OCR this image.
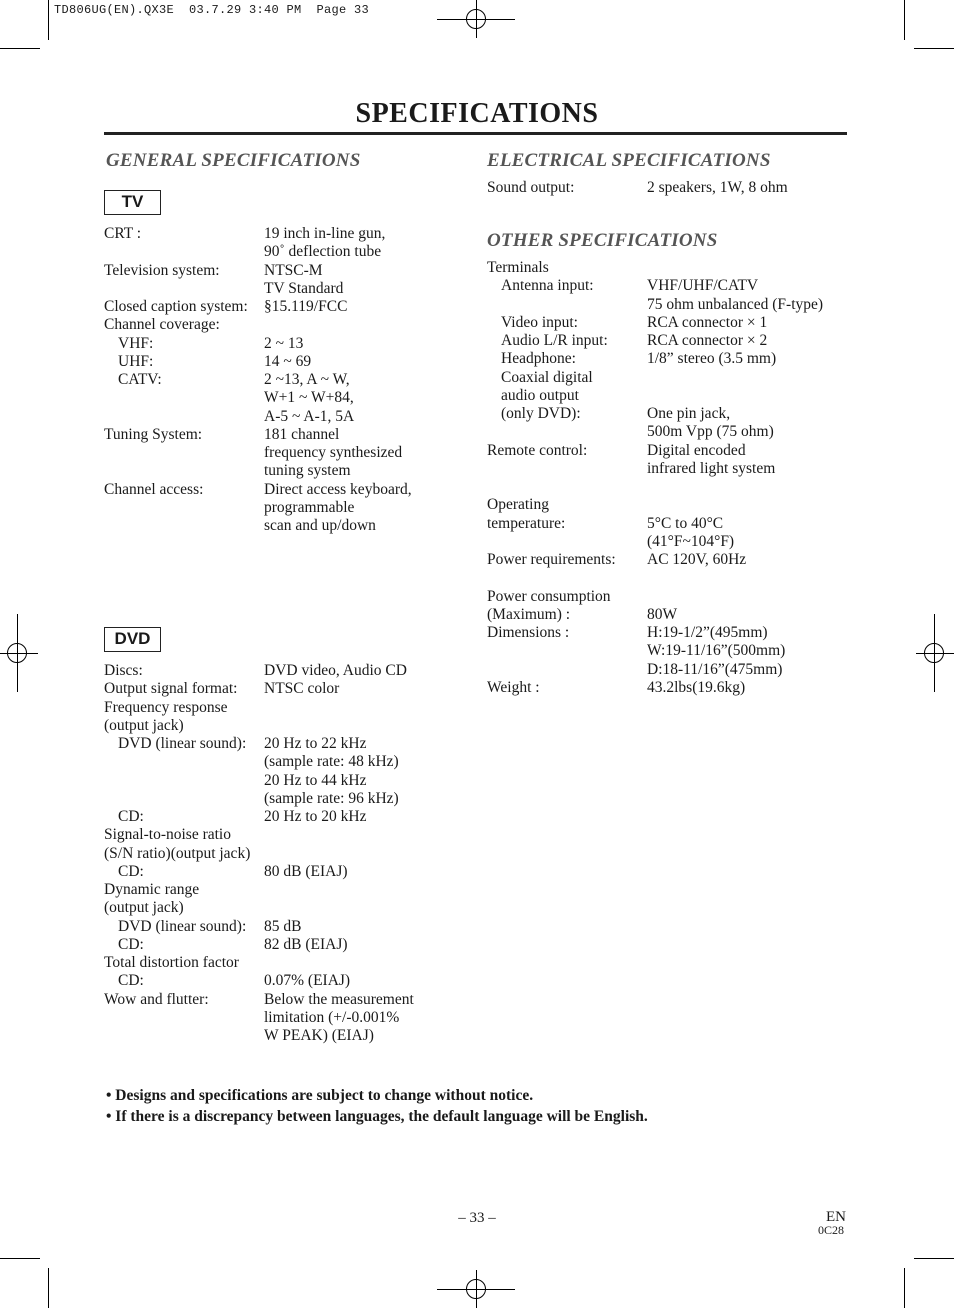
TD806UG(EN).QX3E  03.7.29 3:40 PM  Page 33
SPECIFICATIONS
GENERAL SPECIFICATIONS
TV
CRT :	19 inch in-line gun,
90˚ deflection tube
Television system:	NTSC-M
TV Standard
Closed caption system:	§15.119/FCC
Channel coverage:

VHF:	2 ~ 13
UHF:	14 ~ 69
CATV:	2 ~13, A ~ W,
W+1 ~ W+84,
A-5 ~ A-1, 5A
Tuning System:	181 channel
frequency synthesized
tuning system
Channel access:	Direct access keyboard,
programmable
scan and up/down
DVD
Discs:	DVD video, Audio CD
Output signal format:	NTSC color
Frequency response

(output jack)

DVD (linear sound):	20 Hz to 22 kHz
(sample rate: 48 kHz)
20 Hz to 44 kHz
(sample rate: 96 kHz)
CD:	20 Hz to 20 kHz
Signal-to-noise ratio

(S/N ratio)(output jack)

CD:	80 dB (EIAJ)
Dynamic range

(output jack)

DVD (linear sound):	85 dB
CD:	82 dB (EIAJ)
Total distortion factor

CD:	0.07% (EIAJ)
Wow and flutter:	Below the measurement
limitation (+/-0.001%
W PEAK) (EIAJ)
ELECTRICAL SPECIFICATIONS
Sound output:	2 speakers, 1W, 8 ohm
OTHER SPECIFICATIONS
Terminals

Antenna input:	VHF/UHF/CATV
75 ohm unbalanced (F-type)
Video input:	RCA connector × 1
Audio L/R input:	RCA connector × 2
Headphone:	1/8” stereo (3.5 mm)
Coaxial digital

audio output

(only DVD):	One pin jack,
500m Vpp (75 ohm)
Remote control:	Digital encoded
infrared light system

Operating

temperature:	5°C to 40°C
(41°F~104°F)
Power requirements:	AC 120V, 60Hz

Power consumption

(Maximum) :	80W
Dimensions :	H:19-1/2”(495mm)
W:19-11/16”(500mm)
D:18-11/16”(475mm)
Weight :	43.2lbs(19.6kg)
• Designs and specifications are subject to change without notice.
• If there is a discrepancy between languages, the default language will be English.
– 33 –	EN
0C28
